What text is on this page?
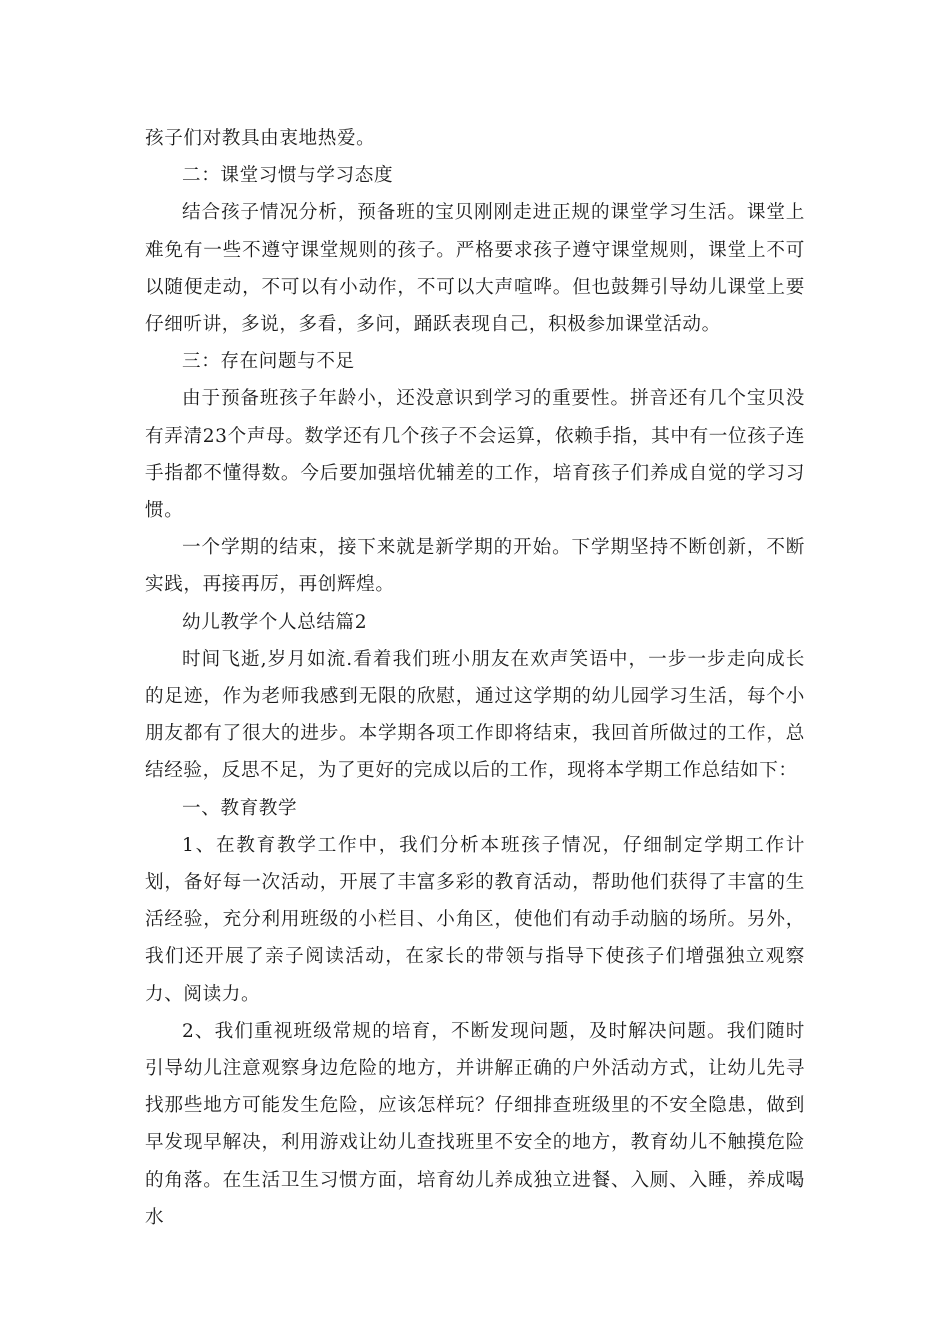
孩子们对教具由衷地热爱。

二：课堂习惯与学习态度

结合孩子情况分析，预备班的宝贝刚刚走进正规的课堂学习生活。课堂上难免有一些不遵守课堂规则的孩子。严格要求孩子遵守课堂规则，课堂上不可以随便走动，不可以有小动作，不可以大声喧哗。但也鼓舞引导幼儿课堂上要仔细听讲，多说，多看，多问，踊跃表现自己，积极参加课堂活动。

三：存在问题与不足

由于预备班孩子年龄小，还没意识到学习的重要性。拼音还有几个宝贝没有弄清23个声母。数学还有几个孩子不会运算，依赖手指，其中有一位孩子连手指都不懂得数。今后要加强培优辅差的工作，培育孩子们养成自觉的学习习惯。

一个学期的结束，接下来就是新学期的开始。下学期坚持不断创新，不断实践，再接再厉，再创辉煌。

幼儿教学个人总结篇2

时间飞逝,岁月如流.看着我们班小朋友在欢声笑语中，一步一步走向成长的足迹，作为老师我感到无限的欣慰，通过这学期的幼儿园学习生活，每个小朋友都有了很大的进步。本学期各项工作即将结束，我回首所做过的工作，总结经验，反思不足，为了更好的完成以后的工作，现将本学期工作总结如下：

一、教育教学

1、在教育教学工作中，我们分析本班孩子情况，仔细制定学期工作计划，备好每一次活动，开展了丰富多彩的教育活动，帮助他们获得了丰富的生活经验，充分利用班级的小栏目、小角区，使他们有动手动脑的场所。另外，我们还开展了亲子阅读活动，在家长的带领与指导下使孩子们增强独立观察力、阅读力。

2、我们重视班级常规的培育，不断发现问题，及时解决问题。我们随时引导幼儿注意观察身边危险的地方，并讲解正确的户外活动方式，让幼儿先寻找那些地方可能发生危险，应该怎样玩？仔细排查班级里的不安全隐患，做到早发现早解决，利用游戏让幼儿查找班里不安全的地方，教育幼儿不触摸危险的角落。在生活卫生习惯方面，培育幼儿养成独立进餐、入厕、入睡，养成喝水
